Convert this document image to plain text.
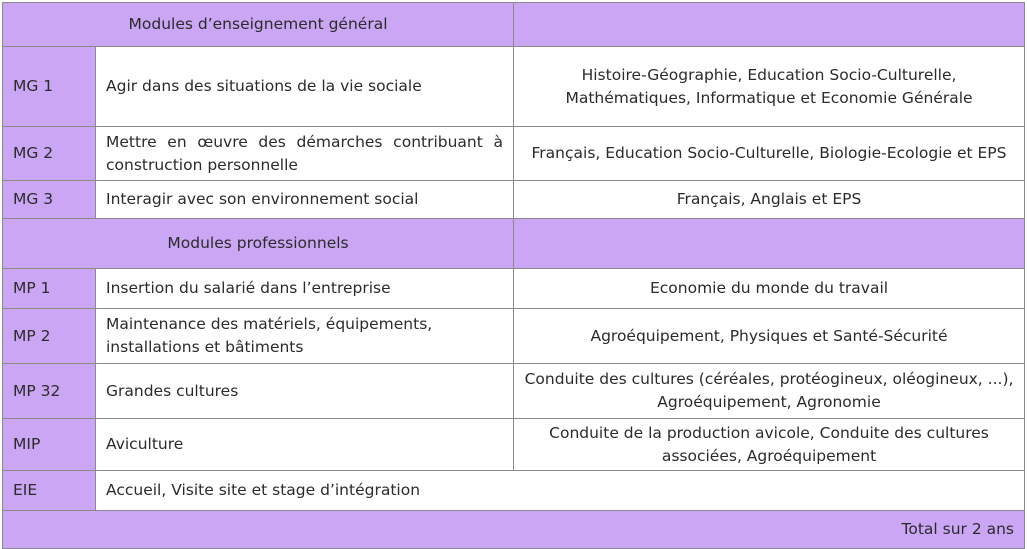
Modules d’enseignement général		
MG 1	Agir dans des situations de la vie sociale	Histoire-Géographie, Education Socio-Culturelle, Mathématiques, Informatique et Economie Générale
MG 2	Mettre en œuvre des démarches contribuant à construction personnelle	Français, Education Socio-Culturelle, Biologie-Ecologie et EPS
MG 3	Interagir avec son environnement social	Français, Anglais et EPS
Modules professionnels		
MP 1	Insertion du salarié dans l’entreprise	Economie du monde du travail
MP 2	Maintenance des matériels, équipements, installations et bâtiments	Agroéquipement, Physiques et Santé-Sécurité
MP 32	Grandes cultures	Conduite des cultures (céréales, protéogineux, oléogineux, ...), Agroéquipement, Agronomie
MIP	Aviculture	Conduite de la production avicole, Conduite des cultures associées, Agroéquipement
EIE	Accueil, Visite site et stage d’intégration	
Total sur 2 ans		
